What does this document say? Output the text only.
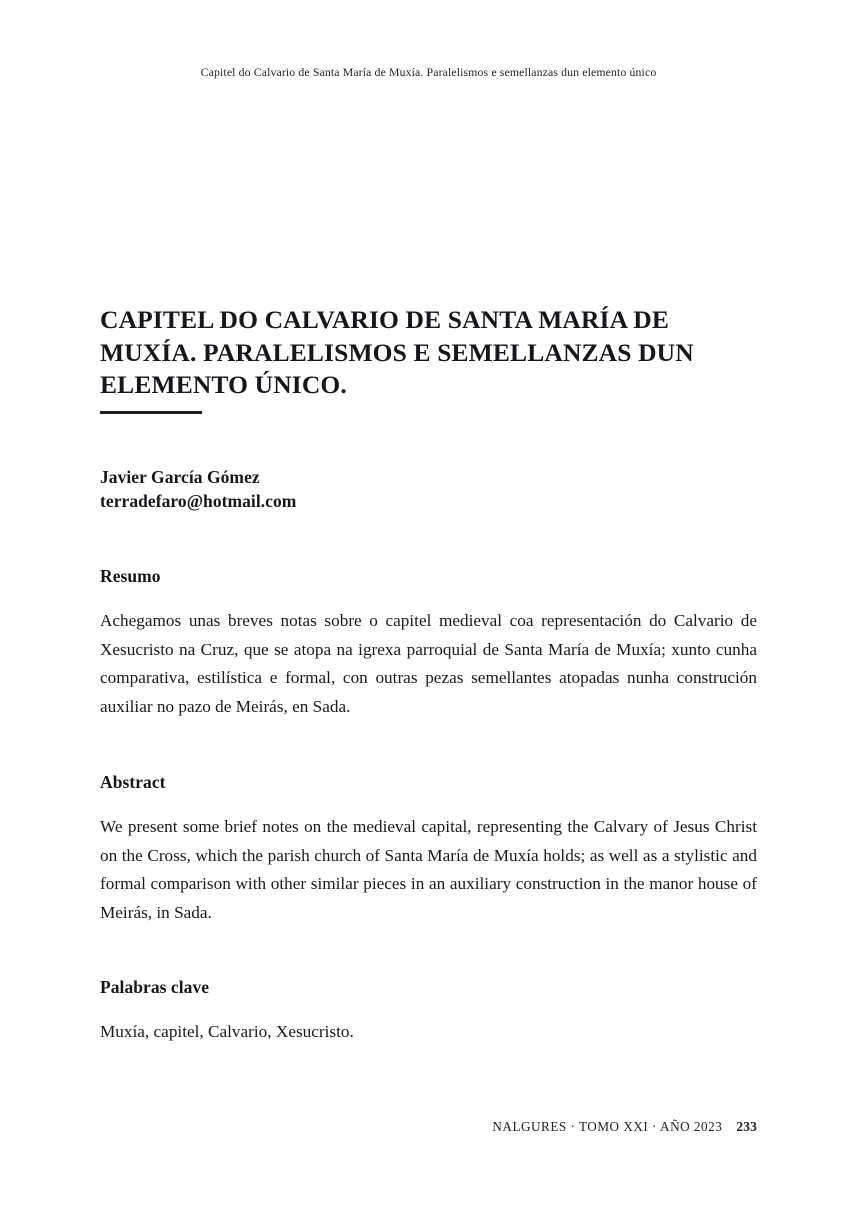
Capitel do Calvario de Santa María de Muxía. Paralelismos e semellanzas dun elemento único
CAPITEL DO CALVARIO DE SANTA MARÍA DE MUXÍA. PARALELISMOS E SEMELLANZAS DUN ELEMENTO ÚNICO.

Javier García Gómez

terradefaro@hotmail.com

Resumo

Achegamos unas breves notas sobre o capitel medieval coa representación do Calvario de Xesucristo na Cruz, que se atopa na igrexa parroquial de Santa María de Muxía; xunto cunha comparativa, estilística e formal, con outras pezas semellantes atopadas nunha construción auxiliar no pazo de Meirás, en Sada.

Abstract

We present some brief notes on the medieval capital, representing the Calvary of Jesus Christ on the Cross, which the parish church of Santa María de Muxía holds; as well as a stylistic and formal comparison with other similar pieces in an auxiliary construction in the manor house of Meirás, in Sada.

Palabras clave

Muxía, capitel, Calvario, Xesucristo.

NALGURES · TOMO XXI · AÑO 2023 233
